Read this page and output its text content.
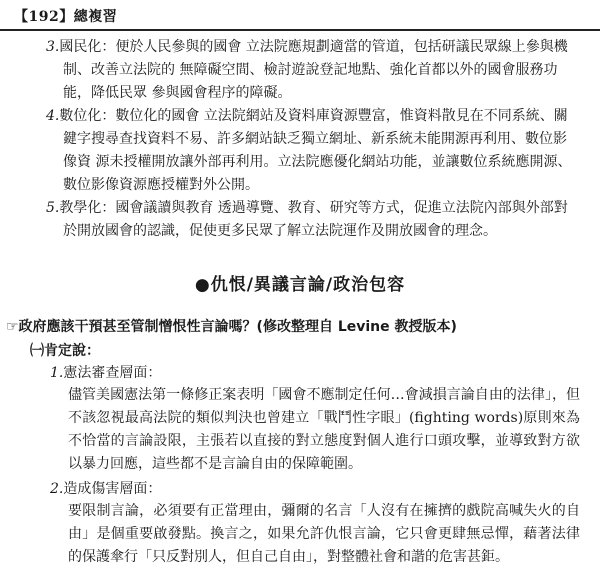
【192】總複習
3.國民化：便於人民參與的國會 立法院應規劃適當的管道，包括研議民眾線上參與機制、改善立法院的 無障礙空間、檢討遊說登記地點、強化首都以外的國會服務功能，降低民眾 參與國會程序的障礙。
4.數位化：數位化的國會 立法院網站及資料庫資源豐富，惟資料散見在不同系統、關鍵字搜尋查找資料不易、許多網站缺乏獨立網址、新系統未能開源再利用、數位影像資 源未授權開放讓外部再利用。立法院應優化網站功能，並讓數位系統應開源、數位影像資源應授權對外公開。
5.教學化：國會議讀與教育 透過導覽、教育、研究等方式，促進立法院內部與外部對於開放國會的認識，促使更多民眾了解立法院運作及開放國會的理念。
●仇恨/異議言論/政治包容
☞政府應該干預甚至管制憎恨性言論嗎？(修改整理自 Levine 教授版本)
㈠肯定說：
1.憲法審查層面：
儘管美國憲法第一條修正案表明「國會不應制定任何…會減損言論自由的法律」，但不該忽視最高法院的類似判決也曾建立「戰鬥性字眼」(fighting words)原則來為不恰當的言論設限，主張若以直接的對立態度對個人進行口頭攻擊，並導致對方欲以暴力回應，這些都不是言論自由的保障範圍。
2.造成傷害層面：
要限制言論，必須要有正當理由，彌爾的名言「人沒有在擁擠的戲院高喊失火的自由」是個重要啟發點。換言之，如果允許仇恨言論，它只會更肆無忌憚，藉著法律的保護傘行「只反對別人，但自己自由」，對整體社會和諧的危害甚鉅。
